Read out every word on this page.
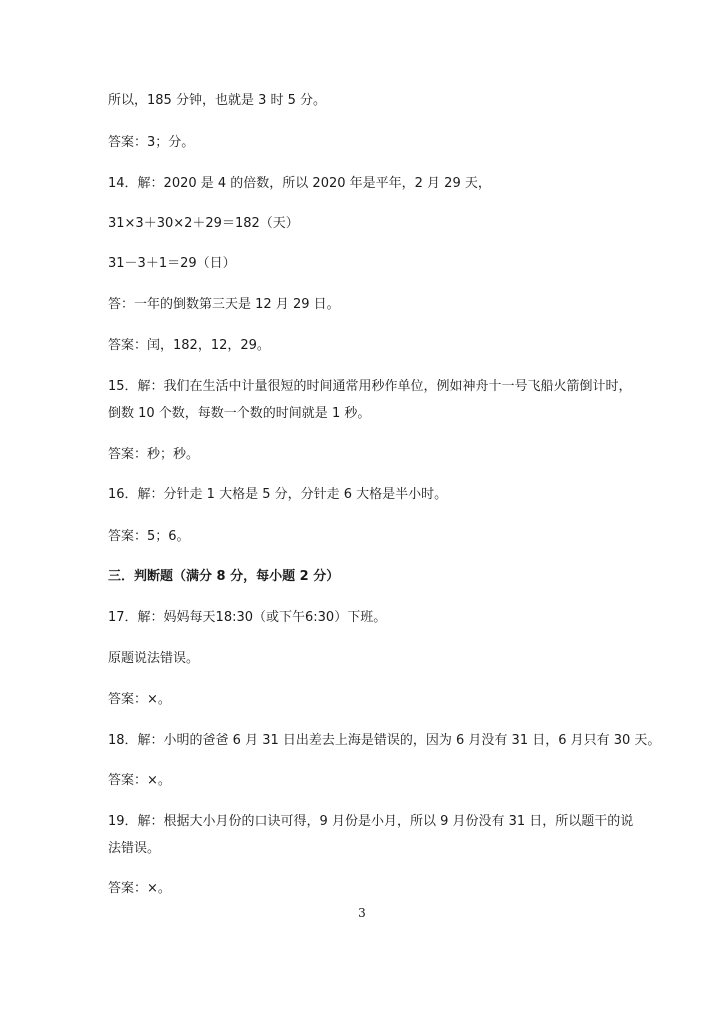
所以，185 分钟，也就是 3 时 5 分。
答案：3；分。
14．解：2020 是 4 的倍数，所以 2020 年是平年，2 月 29 天，
31×3＋30×2＋29＝182（天）
31－3＋1＝29（日）
答：一年的倒数第三天是 12 月 29 日。
答案：闰，182，12，29。
15．解：我们在生活中计量很短的时间通常用秒作单位，例如神舟十一号飞船火箭倒计时，
倒数 10 个数，每数一个数的时间就是 1 秒。
答案：秒；秒。
16．解：分针走 1 大格是 5 分，分针走 6 大格是半小时。
答案：5；6。
三．判断题（满分 8 分，每小题 2 分）
17．解：妈妈每天18:30（或下午6:30）下班。
原题说法错误。
答案：×。
18．解：小明的爸爸 6 月 31 日出差去上海是错误的，因为 6 月没有 31 日，6 月只有 30 天。
答案：×。
19．解：根据大小月份的口诀可得，9 月份是小月，所以 9 月份没有 31 日，所以题干的说
法错误。
答案：×。
3
